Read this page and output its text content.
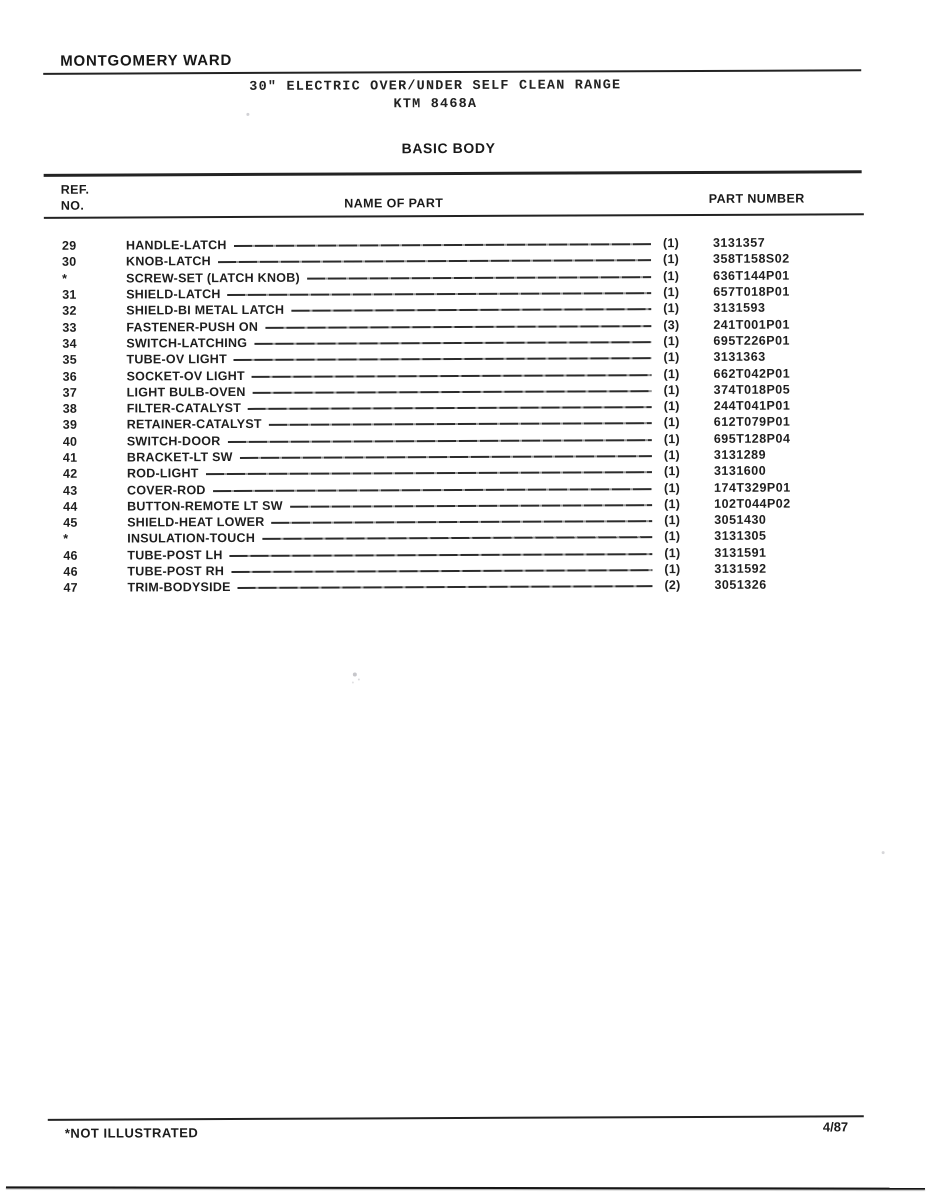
MONTGOMERY WARD
30" ELECTRIC OVER/UNDER SELF CLEAN RANGE
KTM 8468A
BASIC BODY
REF.
NO.	NAME OF PART	PART NUMBER
29	HANDLE-LATCH	(1)	3131357
30	KNOB-LATCH	(1)	358T158S02
*	SCREW-SET (LATCH KNOB)	(1)	636T144P01
31	SHIELD-LATCH	(1)	657T018P01
32	SHIELD-BI METAL LATCH	(1)	3131593
33	FASTENER-PUSH ON	(3)	241T001P01
34	SWITCH-LATCHING	(1)	695T226P01
35	TUBE-OV LIGHT	(1)	3131363
36	SOCKET-OV LIGHT	(1)	662T042P01
37	LIGHT BULB-OVEN	(1)	374T018P05
38	FILTER-CATALYST	(1)	244T041P01
39	RETAINER-CATALYST	(1)	612T079P01
40	SWITCH-DOOR	(1)	695T128P04
41	BRACKET-LT SW	(1)	3131289
42	ROD-LIGHT	(1)	3131600
43	COVER-ROD	(1)	174T329P01
44	BUTTON-REMOTE LT SW	(1)	102T044P02
45	SHIELD-HEAT LOWER	(1)	3051430
*	INSULATION-TOUCH	(1)	3131305
46	TUBE-POST LH	(1)	3131591
46	TUBE-POST RH	(1)	3131592
47	TRIM-BODYSIDE	(2)	3051326
*NOT ILLUSTRATED	4/87
